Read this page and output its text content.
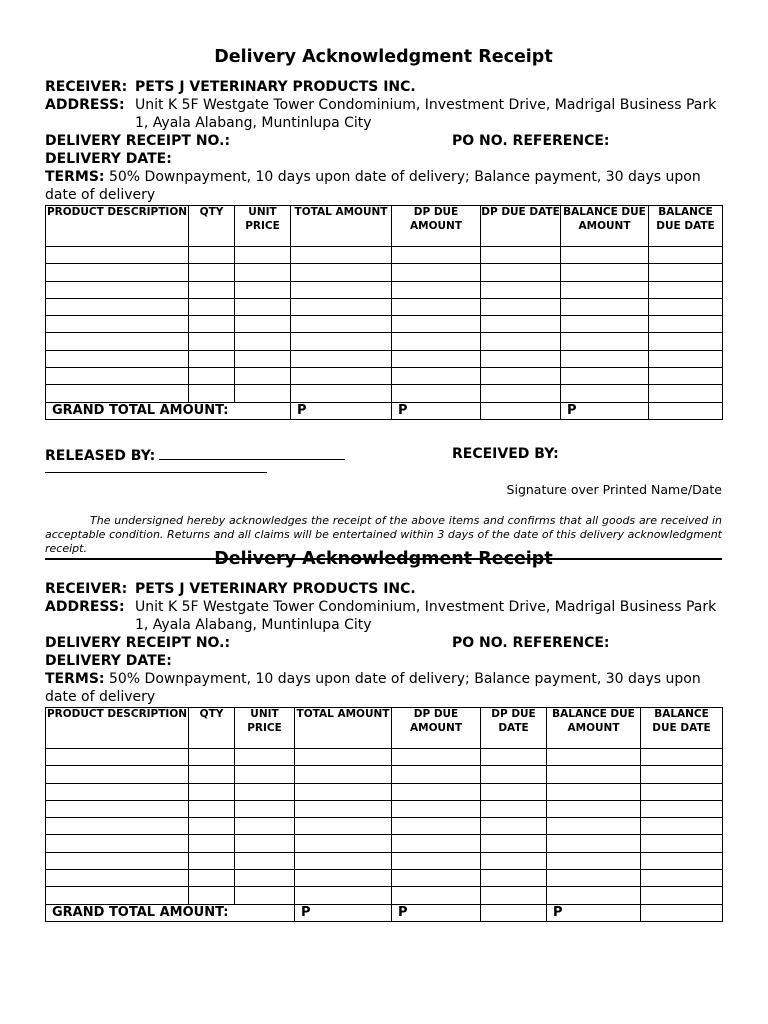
Delivery Acknowledgment Receipt
RECEIVER: PETS J VETERINARY PRODUCTS INC.
ADDRESS: Unit K 5F Westgate Tower Condominium, Investment Drive, Madrigal Business Park
1, Ayala Alabang, Muntinlupa City
DELIVERY RECEIPT NO.:	PO NO. REFERENCE:
DELIVERY DATE:
TERMS: 50% Downpayment, 10 days upon date of delivery; Balance payment, 30 days upon date of delivery
PRODUCT DESCRIPTION	QTY	UNIT PRICE	TOTAL AMOUNT	DP DUE AMOUNT	DP DUE DATE	BALANCE DUE AMOUNT	BALANCE DUE DATE

GRAND TOTAL AMOUNT:			P	P		P	
RELEASED BY:	RECEIVED BY:
Signature over Printed Name/Date
The undersigned hereby acknowledges the receipt of the above items and confirms that all goods are received in acceptable condition. Returns and all claims will be entertained within 3 days of the date of this delivery acknowledgment receipt.
Delivery Acknowledgment Receipt
RECEIVER: PETS J VETERINARY PRODUCTS INC.
ADDRESS: Unit K 5F Westgate Tower Condominium, Investment Drive, Madrigal Business Park
1, Ayala Alabang, Muntinlupa City
DELIVERY RECEIPT NO.:	PO NO. REFERENCE:
DELIVERY DATE:
TERMS: 50% Downpayment, 10 days upon date of delivery; Balance payment, 30 days upon date of delivery
PRODUCT DESCRIPTION	QTY	UNIT PRICE	TOTAL AMOUNT	DP DUE AMOUNT	DP DUE DATE	BALANCE DUE AMOUNT	BALANCE DUE DATE

GRAND TOTAL AMOUNT:			P	P		P	
